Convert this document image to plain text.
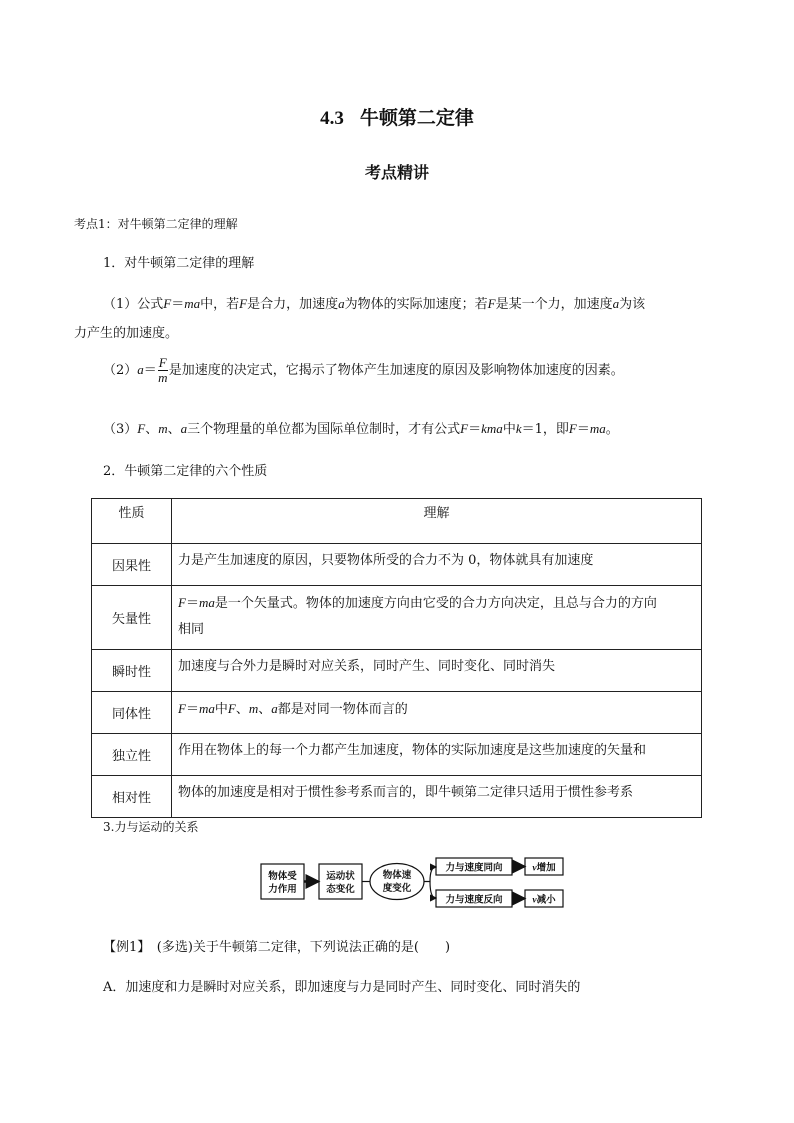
4.3 牛顿第二定律
考点精讲
考点1：对牛顿第二定律的理解
1．对牛顿第二定律的理解
（1）公式F＝ma中，若F是合力，加速度a为物体的实际加速度；若F是某一个力，加速度a为该
力产生的加速度。
$(2)a= \frac{F}{m}$ 是加速度的决定式，它揭示了物体产生加速度的原因及影响物体加速度的因素。
（3）F、m、a三个物理量的单位都为国际单位制时，才有公式F＝kma中k＝1，即F＝ma。
2．牛顿第二定律的六个性质
性质	理解
因果性	力是产生加速度的原因，只要物体所受的合力不为 0，物体就具有加速度
矢量性	F＝ma是一个矢量式。物体的加速度方向由它受的合力方向决定，且总与合力的方向
相同
瞬时性	加速度与合外力是瞬时对应关系，同时产生、同时变化、同时消失
同体性	F＝ma中F、m、a都是对同一物体而言的
独立性	作用在物体上的每一个力都产生加速度，物体的实际加速度是这些加速度的矢量和
相对性	物体的加速度是相对于惯性参考系而言的，即牛顿第二定律只适用于惯性参考系
3.力与运动的关系
物体受
力作用
运动状
态变化
物体速
度变化
力与速度同向
力与速度反向
v增加
v减小
【例1】　(多选)关于牛顿第二定律，下列说法正确的是(　　)
A．加速度和力是瞬时对应关系，即加速度与力是同时产生、同时变化、同时消失的
